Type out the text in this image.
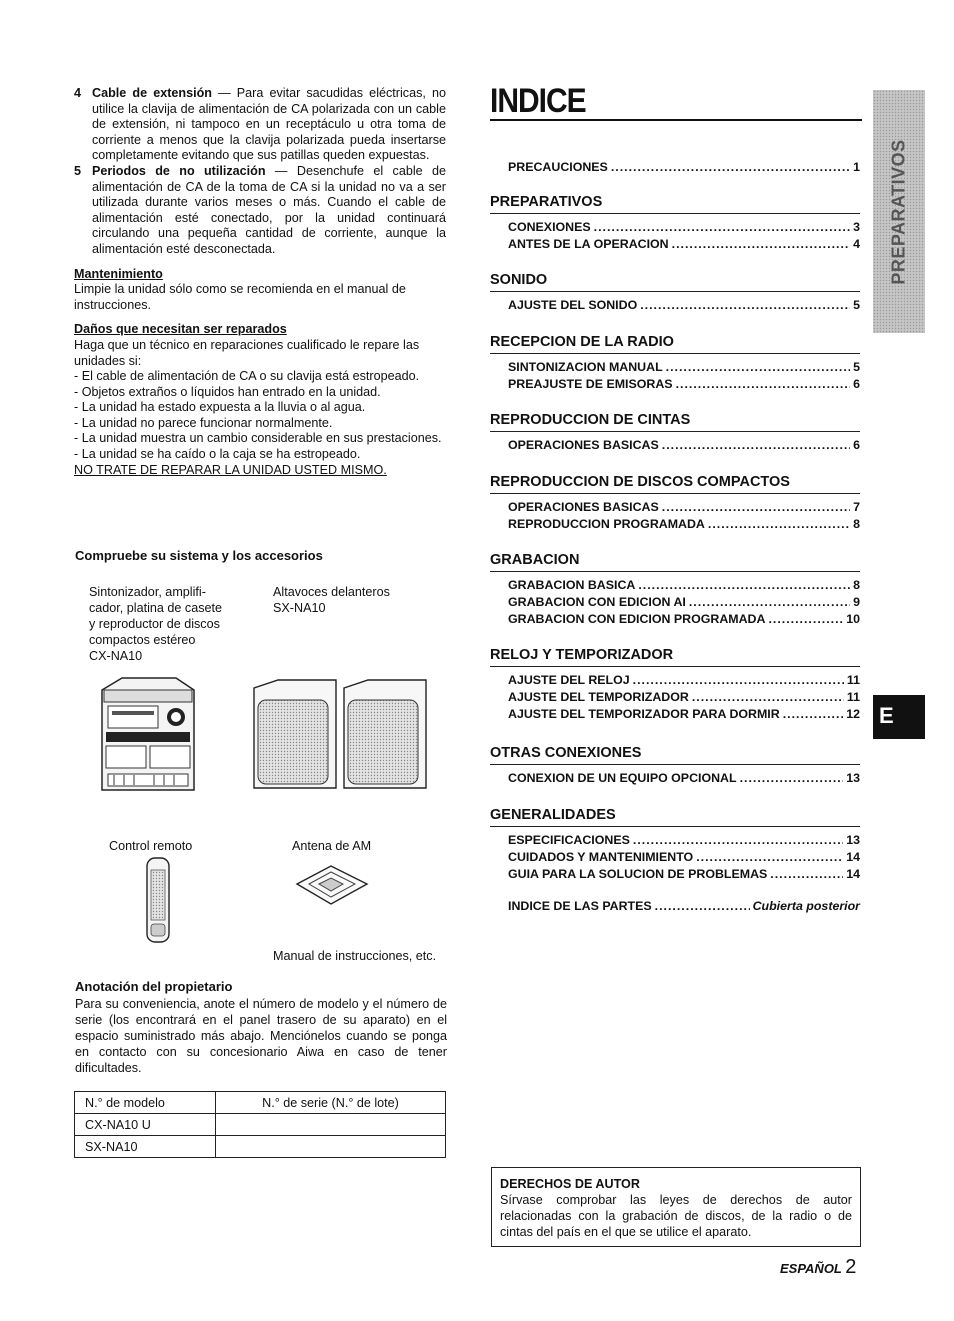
4 Cable de extensión — Para evitar sacudidas eléctricas, no utilice la clavija de alimentación de CA polarizada con un cable de extensión, ni tampoco en un receptáculo u otra toma de corriente a menos que la clavija polarizada pueda insertarse completamente evitando que sus patillas queden expuestas.

5 Periodos de no utilización — Desenchufe el cable de alimentación de CA de la toma de CA si la unidad no va a ser utilizada durante varios meses o más. Cuando el cable de alimentación esté conectado, por la unidad continuará circulando una pequeña cantidad de corriente, aunque la alimentación esté desconectada.

Mantenimiento

Limpie la unidad sólo como se recomienda en el manual de instrucciones.

Daños que necesitan ser reparados

Haga que un técnico en reparaciones cualificado le repare las unidades si:

- El cable de alimentación de CA o su clavija está estropeado.
- Objetos extraños o líquidos han entrado en la unidad.
- La unidad ha estado expuesta a la lluvia o al agua.
- La unidad no parece funcionar normalmente.
- La unidad muestra un cambio considerable en sus prestaciones.
- La unidad se ha caído o la caja se ha estropeado.
NO TRATE DE REPARAR LA UNIDAD USTED MISMO.
Compruebe su sistema y los accesorios
Sintonizador, amplifi-
cador, platina de casete
y reproductor de discos
compactos estéreo
CX-NA10
Altavoces delanteros
SX-NA10
Control remoto	Antena de AM
Manual de instrucciones, etc.
Anotación del propietario

Para su conveniencia, anote el número de modelo y el número de serie (los encontrará en el panel trasero de su aparato) en el espacio suministrado más abajo. Menciónelos cuando se ponga en contacto con su concesionario Aiwa en caso de tener dificultades.

N.° de modelo	N.° de serie (N.° de lote)
CX-NA10 U	
SX-NA10	
INDICE
PRECAUCIONES .....	1
PREPARATIVOS
CONEXIONES .....	3
ANTES DE LA OPERACION .....	4
SONIDO
AJUSTE DEL SONIDO .....	5
RECEPCION DE LA RADIO
SINTONIZACION MANUAL .....	5
PREAJUSTE DE EMISORAS .....	6
REPRODUCCION DE CINTAS
OPERACIONES BASICAS .....	6
REPRODUCCION DE DISCOS COMPACTOS
OPERACIONES BASICAS .....	7
REPRODUCCION PROGRAMADA .....	8
GRABACION
GRABACION BASICA .....	8
GRABACION CON EDICION AI .....	9
GRABACION CON EDICION PROGRAMADA .....	10
RELOJ Y TEMPORIZADOR
AJUSTE DEL RELOJ .....	11
AJUSTE DEL TEMPORIZADOR .....	11
AJUSTE DEL TEMPORIZADOR PARA DORMIR .....	12
OTRAS CONEXIONES
CONEXION DE UN EQUIPO OPCIONAL .....	13
GENERALIDADES
ESPECIFICACIONES .....	13
CUIDADOS Y MANTENIMIENTO .....	14
GUIA PARA LA SOLUCION DE PROBLEMAS .....	14
INDICE DE LAS PARTES .....	Cubierta posterior
PREPARATIVOS
E
DERECHOS DE AUTOR
Sírvase comprobar las leyes de derechos de autor relacionadas con la grabación de discos, de la radio o de cintas del país en el que se utilice el aparato.
ESPAÑOL 2
